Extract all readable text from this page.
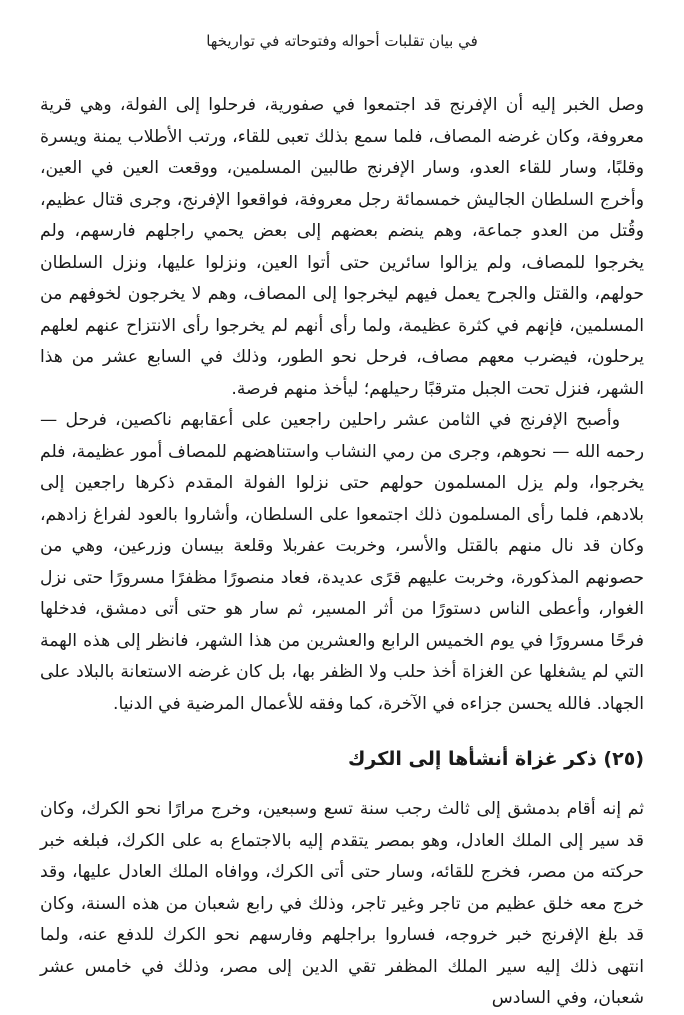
في بيان تقلبات أحواله وفتوحاته في تواريخها

وصل الخبر إليه أن الإفرنج قد اجتمعوا في صفورية، فرحلوا إلى الفولة، وهي قرية معروفة، وكان غرضه المصاف، فلما سمع بذلك تعبى للقاء، ورتب الأطلاب يمنة ويسرة وقلبًا، وسار للقاء العدو، وسار الإفرنج طالبين المسلمين، ووقعت العين في العين، وأخرج السلطان الجاليش خمسمائة رجل معروفة، فواقعوا الإفرنج، وجرى قتال عظيم، وقُتل من العدو جماعة، وهم ينضم بعضهم إلى بعض يحمي راجلهم فارسهم، ولم يخرجوا للمصاف، ولم يزالوا سائرين حتى أتوا العين، ونزلوا عليها، ونزل السلطان حولهم، والقتل والجرح يعمل فيهم ليخرجوا إلى المصاف، وهم لا يخرجون لخوفهم من المسلمين، فإنهم في كثرة عظيمة، ولما رأى أنهم لم يخرجوا رأى الانتزاح عنهم لعلهم يرحلون، فيضرب معهم مصاف، فرحل نحو الطور، وذلك في السابع عشر من هذا الشهر، فنزل تحت الجبل مترقبًا رحيلهم؛ ليأخذ منهم فرصة.

وأصبح الإفرنج في الثامن عشر راحلين راجعين على أعقابهم ناكصين، فرحل — رحمه الله — نحوهم، وجرى من رمي النشاب واستناهضهم للمصاف أمور عظيمة، فلم يخرجوا، ولم يزل المسلمون حولهم حتى نزلوا الفولة المقدم ذكرها راجعين إلى بلادهم، فلما رأى المسلمون ذلك اجتمعوا على السلطان، وأشاروا بالعود لفراغ زادهم، وكان قد نال منهم بالقتل والأسر، وخربت عفربلا وقلعة بيسان وزرعين، وهي من حصونهم المذكورة، وخربت عليهم قرًى عديدة، فعاد منصورًا مظفرًا مسرورًا حتى نزل الغوار، وأعطى الناس دستورًا من أثر المسير، ثم سار هو حتى أتى دمشق، فدخلها فرحًا مسرورًا في يوم الخميس الرابع والعشرين من هذا الشهر، فانظر إلى هذه الهمة التي لم يشغلها عن الغزاة أخذ حلب ولا الظفر بها، بل كان غرضه الاستعانة بالبلاد على الجهاد. فالله يحسن جزاءه في الآخرة، كما وفقه للأعمال المرضية في الدنيا.

(٢٥) ذكر غزاة أنشأها إلى الكرك

ثم إنه أقام بدمشق إلى ثالث رجب سنة تسع وسبعين، وخرج مرارًا نحو الكرك، وكان قد سير إلى الملك العادل، وهو بمصر يتقدم إليه بالاجتماع به على الكرك، فبلغه خبر حركته من مصر، فخرج للقائه، وسار حتى أتى الكرك، ووافاه الملك العادل عليها، وقد خرج معه خلق عظيم من تاجر وغير تاجر، وذلك في رابع شعبان من هذه السنة، وكان قد بلغ الإفرنج خبر خروجه، فساروا براجلهم وفارسهم نحو الكرك للدفع عنه، ولما انتهى ذلك إليه سير الملك المظفر تقي الدين إلى مصر، وذلك في خامس عشر شعبان، وفي السادس
